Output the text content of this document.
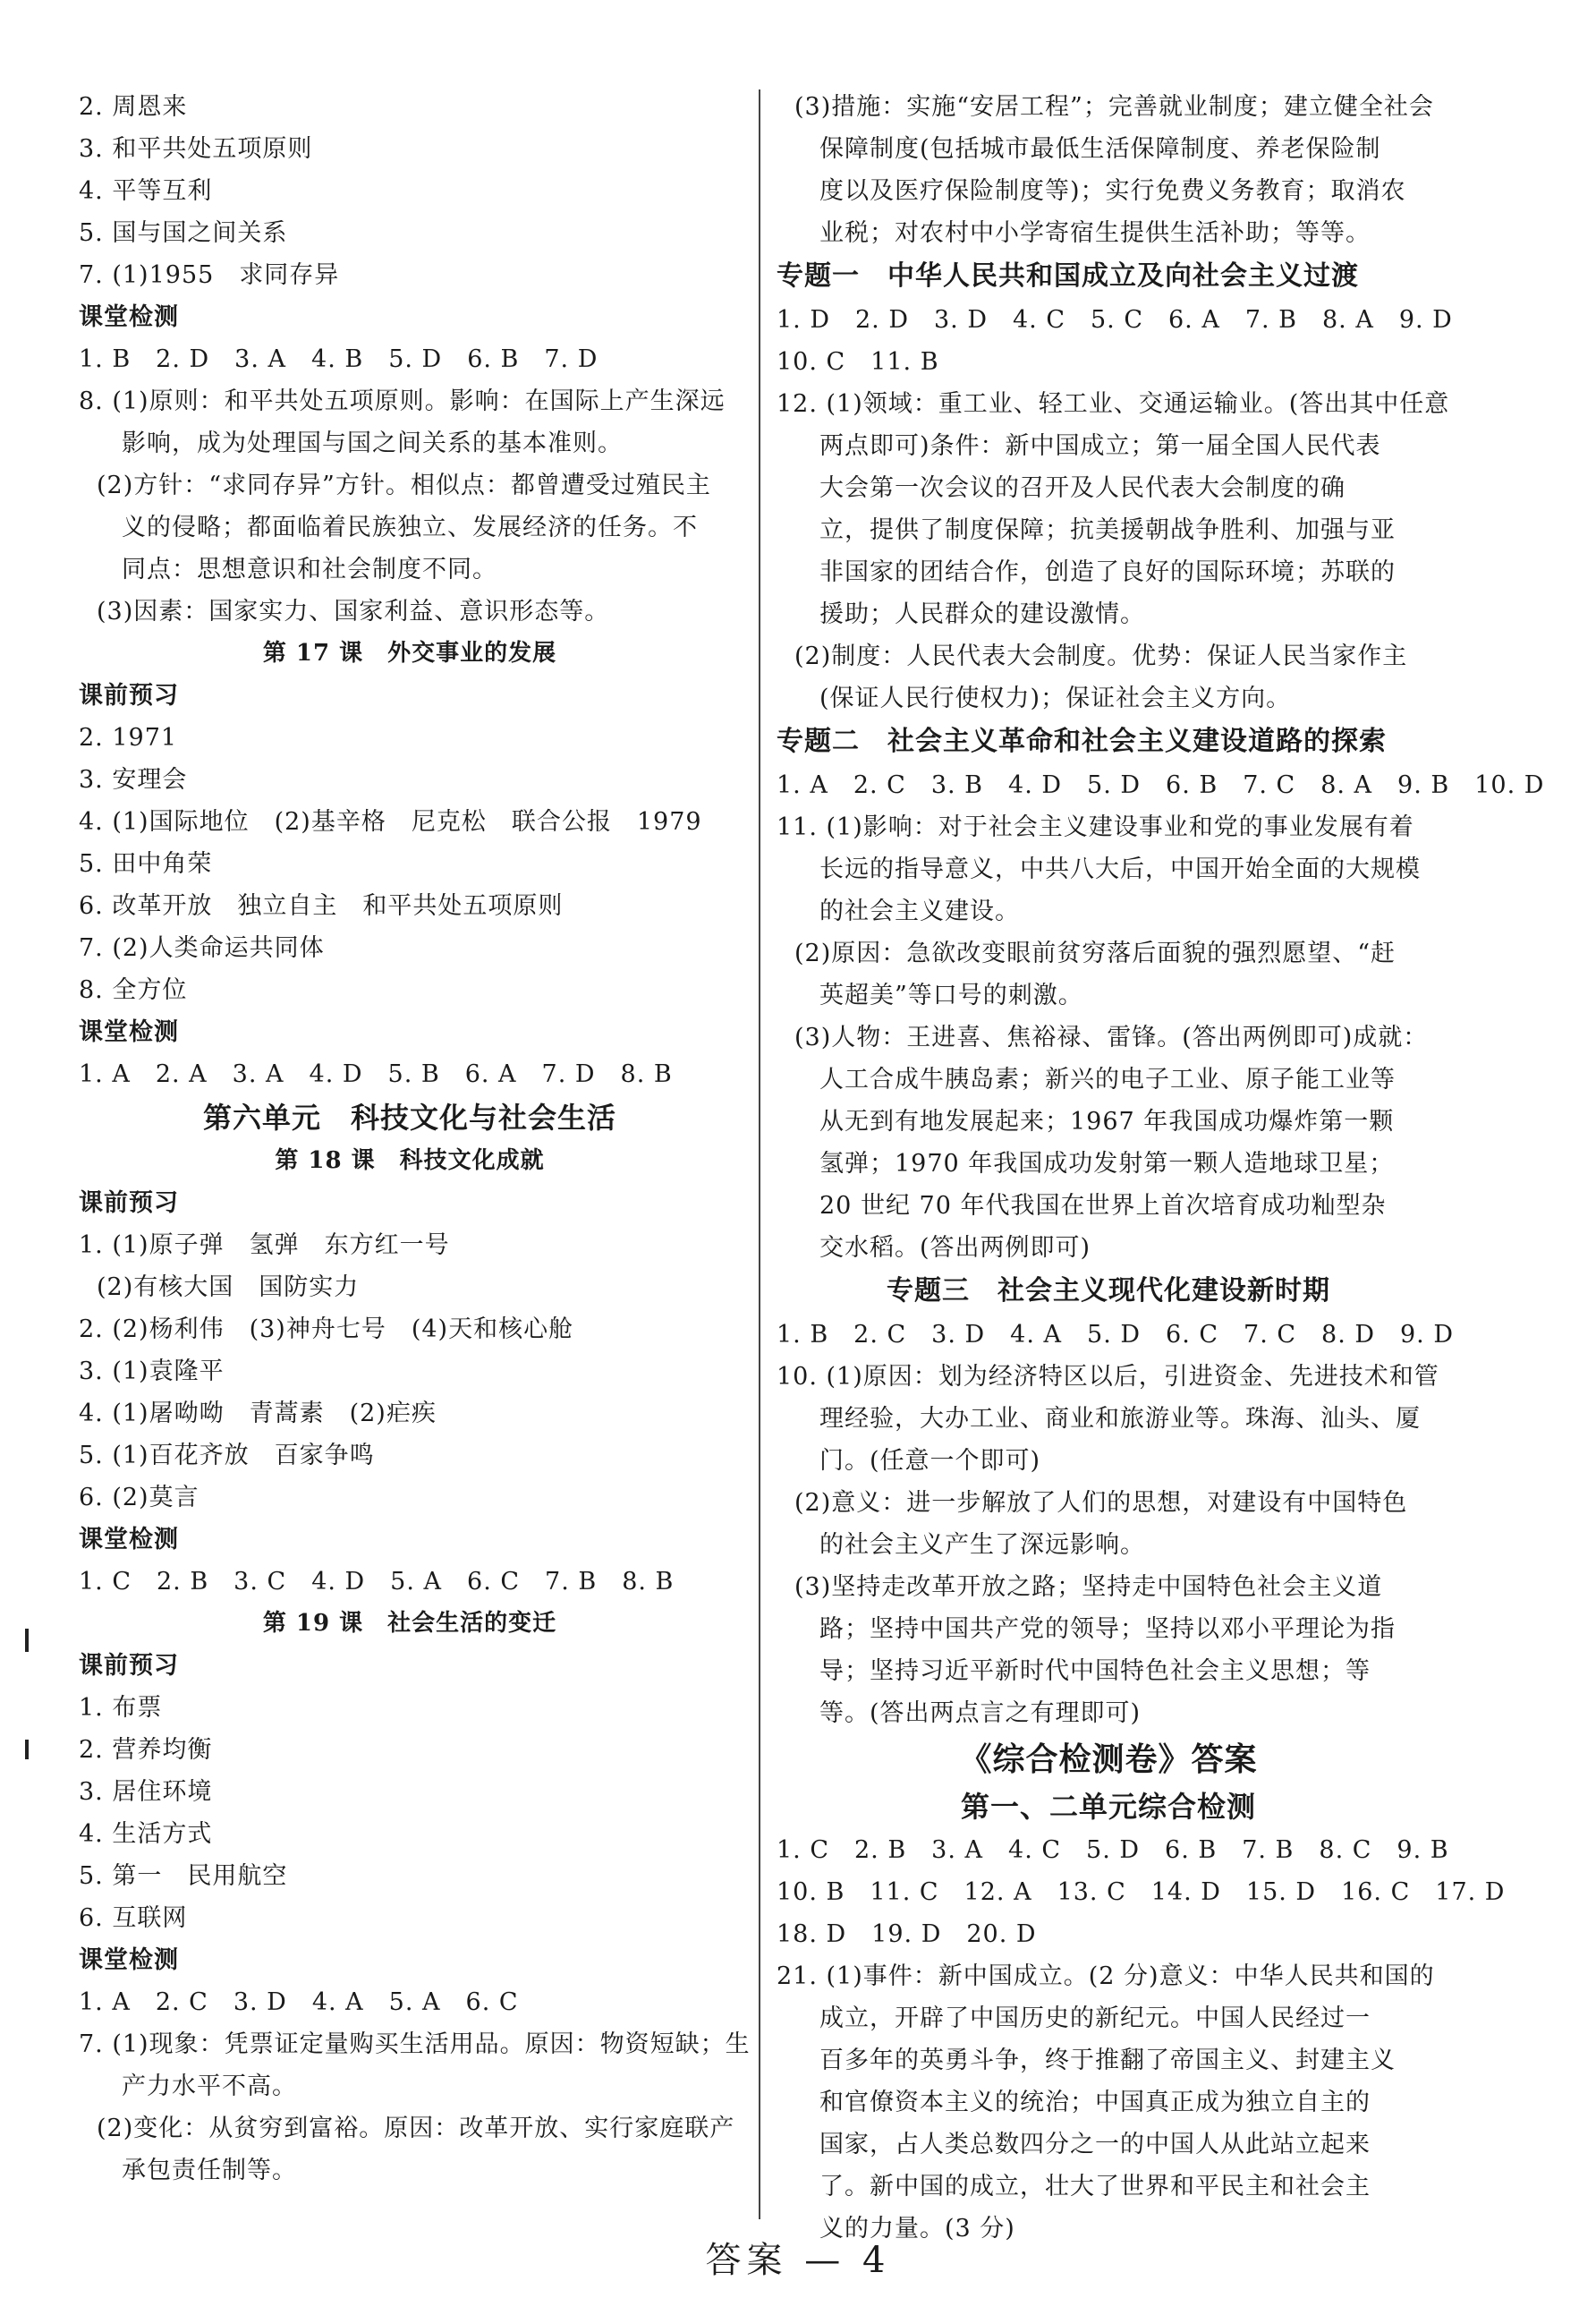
2. 周恩来
3. 和平共处五项原则
4. 平等互利
5. 国与国之间关系
7. (1)1955　求同存异
课堂检测
1. B　2. D　3. A　4. B　5. D　6. B　7. D
8. (1)原则：和平共处五项原则。影响：在国际上产生深远
影响，成为处理国与国之间关系的基本准则。
(2)方针：“求同存异”方针。相似点：都曾遭受过殖民主
义的侵略；都面临着民族独立、发展经济的任务。不
同点：思想意识和社会制度不同。
(3)因素：国家实力、国家利益、意识形态等。
第 17 课　外交事业的发展
课前预习
2. 1971
3. 安理会
4. (1)国际地位　(2)基辛格　尼克松　联合公报　1979
5. 田中角荣
6. 改革开放　独立自主　和平共处五项原则
7. (2)人类命运共同体
8. 全方位
课堂检测
1. A　2. A　3. A　4. D　5. B　6. A　7. D　8. B
第六单元　科技文化与社会生活
第 18 课　科技文化成就
课前预习
1. (1)原子弹　氢弹　东方红一号
(2)有核大国　国防实力
2. (2)杨利伟　(3)神舟七号　(4)天和核心舱
3. (1)袁隆平
4. (1)屠呦呦　青蒿素　(2)疟疾
5. (1)百花齐放　百家争鸣
6. (2)莫言
课堂检测
1. C　2. B　3. C　4. D　5. A　6. C　7. B　8. B
第 19 课　社会生活的变迁
课前预习
1. 布票
2. 营养均衡
3. 居住环境
4. 生活方式
5. 第一　民用航空
6. 互联网
课堂检测
1. A　2. C　3. D　4. A　5. A　6. C
7. (1)现象：凭票证定量购买生活用品。原因：物资短缺；生
产力水平不高。
(2)变化：从贫穷到富裕。原因：改革开放、实行家庭联产
承包责任制等。
(3)措施：实施“安居工程”；完善就业制度；建立健全社会
保障制度(包括城市最低生活保障制度、养老保险制
度以及医疗保险制度等)；实行免费义务教育；取消农
业税；对农村中小学寄宿生提供生活补助；等等。
专题一　中华人民共和国成立及向社会主义过渡
1. D　2. D　3. D　4. C　5. C　6. A　7. B　8. A　9. D
10. C　11. B
12. (1)领域：重工业、轻工业、交通运输业。(答出其中任意
两点即可)条件：新中国成立；第一届全国人民代表
大会第一次会议的召开及人民代表大会制度的确
立，提供了制度保障；抗美援朝战争胜利、加强与亚
非国家的团结合作，创造了良好的国际环境；苏联的
援助；人民群众的建设激情。
(2)制度：人民代表大会制度。优势：保证人民当家作主
(保证人民行使权力)；保证社会主义方向。
专题二　社会主义革命和社会主义建设道路的探索
1. A　2. C　3. B　4. D　5. D　6. B　7. C　8. A　9. B　10. D
11. (1)影响：对于社会主义建设事业和党的事业发展有着
长远的指导意义，中共八大后，中国开始全面的大规模
的社会主义建设。
(2)原因：急欲改变眼前贫穷落后面貌的强烈愿望、“赶
英超美”等口号的刺激。
(3)人物：王进喜、焦裕禄、雷锋。(答出两例即可)成就：
人工合成牛胰岛素；新兴的电子工业、原子能工业等
从无到有地发展起来；1967 年我国成功爆炸第一颗
氢弹；1970 年我国成功发射第一颗人造地球卫星；
20 世纪 70 年代我国在世界上首次培育成功籼型杂
交水稻。(答出两例即可)
专题三　社会主义现代化建设新时期
1. B　2. C　3. D　4. A　5. D　6. C　7. C　8. D　9. D
10. (1)原因：划为经济特区以后，引进资金、先进技术和管
理经验，大办工业、商业和旅游业等。珠海、汕头、厦
门。(任意一个即可)
(2)意义：进一步解放了人们的思想，对建设有中国特色
的社会主义产生了深远影响。
(3)坚持走改革开放之路；坚持走中国特色社会主义道
路；坚持中国共产党的领导；坚持以邓小平理论为指
导；坚持习近平新时代中国特色社会主义思想；等
等。(答出两点言之有理即可)
《综合检测卷》答案
第一、二单元综合检测
1. C　2. B　3. A　4. C　5. D　6. B　7. B　8. C　9. B
10. B　11. C　12. A　13. C　14. D　15. D　16. C　17. D
18. D　19. D　20. D
21. (1)事件：新中国成立。(2 分)意义：中华人民共和国的
成立，开辟了中国历史的新纪元。中国人民经过一
百多年的英勇斗争，终于推翻了帝国主义、封建主义
和官僚资本主义的统治；中国真正成为独立自主的
国家，占人类总数四分之一的中国人从此站立起来
了。新中国的成立，壮大了世界和平民主和社会主
义的力量。(3 分)
答案 — 4
